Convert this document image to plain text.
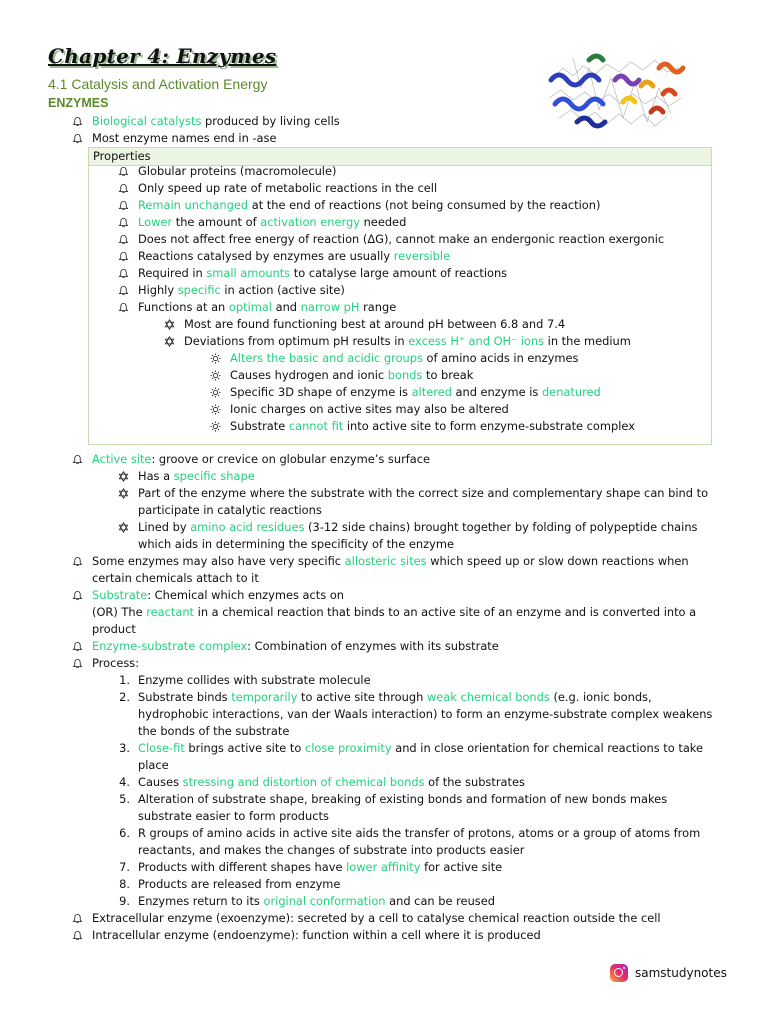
Chapter 4: Enzymes
4.1 Catalysis and Activation Energy
ENZYMES
Properties
Biological catalysts produced by living cells
Most enzyme names end in -ase
Globular proteins (macromolecule)
Only speed up rate of metabolic reactions in the cell
Remain unchanged at the end of reactions (not being consumed by the reaction)
Lower the amount of activation energy needed
Does not affect free energy of reaction (ΔG), cannot make an endergonic reaction exergonic
Reactions catalysed by enzymes are usually reversible
Required in small amounts to catalyse large amount of reactions
Highly specific in action (active site)
Functions at an optimal and narrow pH range
Most are found functioning best at around pH between 6.8 and 7.4
Deviations from optimum pH results in excess H⁺ and OH⁻ ions in the medium
Alters the basic and acidic groups of amino acids in enzymes
Causes hydrogen and ionic bonds to break
Specific 3D shape of enzyme is altered and enzyme is denatured
Ionic charges on active sites may also be altered
Substrate cannot fit into active site to form enzyme-substrate complex
Active site: groove or crevice on globular enzyme’s surface
Has a specific shape
Part of the enzyme where the substrate with the correct size and complementary shape can bind to
participate in catalytic reactions
Lined by amino acid residues (3-12 side chains) brought together by folding of polypeptide chains
which aids in determining the specificity of the enzyme
Some enzymes may also have very specific allosteric sites which speed up or slow down reactions when
certain chemicals attach to it
Substrate: Chemical which enzymes acts on
(OR) The reactant in a chemical reaction that binds to an active site of an enzyme and is converted into a
product
Enzyme-substrate complex: Combination of enzymes with its substrate
Process:
1. Enzyme collides with substrate molecule
2. Substrate binds temporarily to active site through weak chemical bonds (e.g. ionic bonds,
hydrophobic interactions, van der Waals interaction) to form an enzyme-substrate complex weakens
the bonds of the substrate
3. Close-fit brings active site to close proximity and in close orientation for chemical reactions to take
place
4. Causes stressing and distortion of chemical bonds of the substrates
5. Alteration of substrate shape, breaking of existing bonds and formation of new bonds makes
substrate easier to form products
6. R groups of amino acids in active site aids the transfer of protons, atoms or a group of atoms from
reactants, and makes the changes of substrate into products easier
7. Products with different shapes have lower affinity for active site
8. Products are released from enzyme
9. Enzymes return to its original conformation and can be reused
Extracellular enzyme (exoenzyme): secreted by a cell to catalyse chemical reaction outside the cell
Intracellular enzyme (endoenzyme): function within a cell where it is produced
samstudynotes
